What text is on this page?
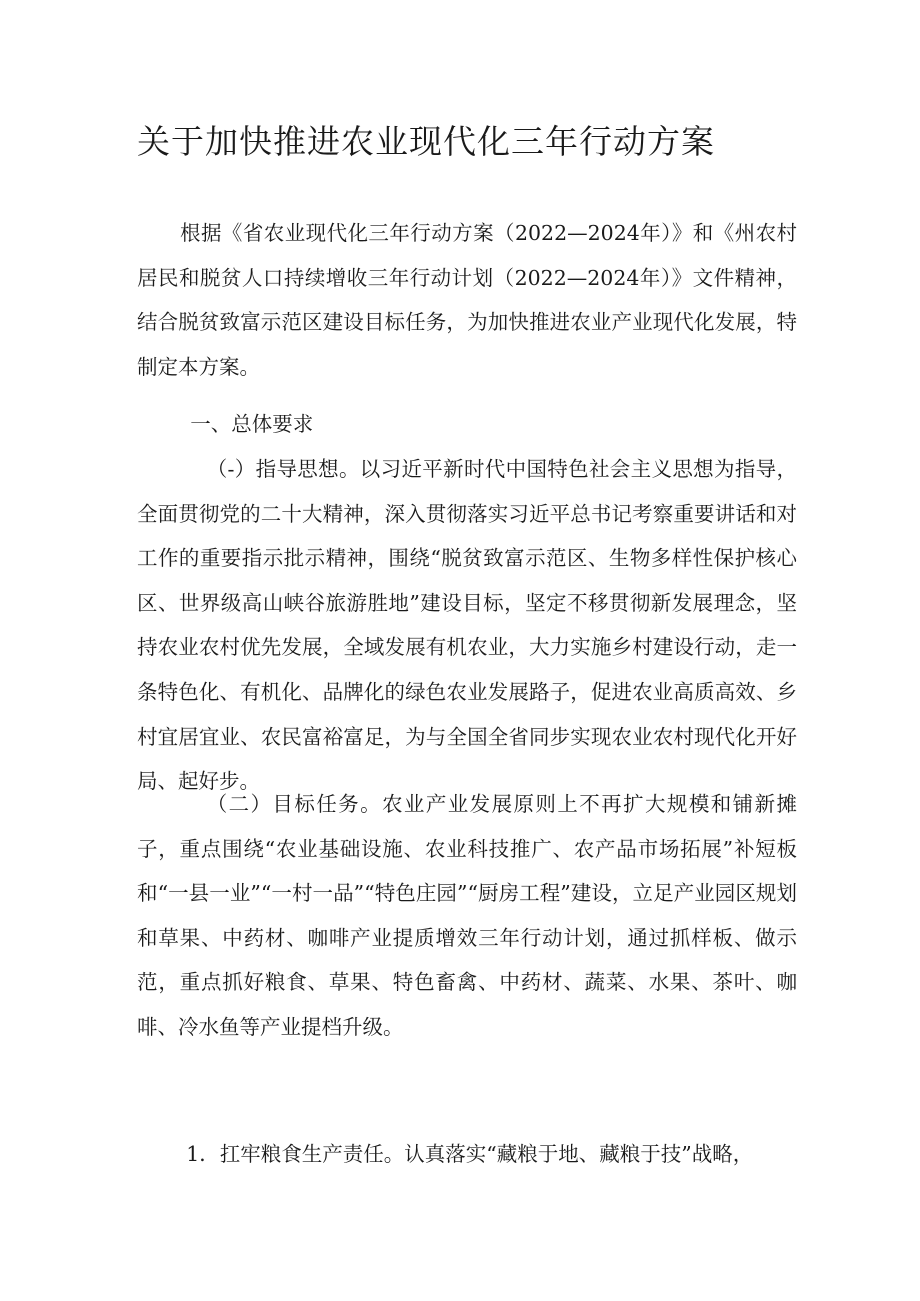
关于加快推进农业现代化三年行动方案

根据《省农业现代化三年行动方案（2022—2024年）》和《州农村居民和脱贫人口持续增收三年行动计划（2022—2024年）》文件精神，结合脱贫致富示范区建设目标任务，为加快推进农业产业现代化发展，特制定本方案。

一、总体要求

（-）指导思想。以习近平新时代中国特色社会主义思想为指导，全面贯彻党的二十大精神，深入贯彻落实习近平总书记考察重要讲话和对工作的重要指示批示精神，围绕“脱贫致富示范区、生物多样性保护核心区、世界级高山峡谷旅游胜地”建设目标，坚定不移贯彻新发展理念，坚持农业农村优先发展，全域发展有机农业，大力实施乡村建设行动，走一条特色化、有机化、品牌化的绿色农业发展路子，促进农业高质高效、乡村宜居宜业、农民富裕富足，为与全国全省同步实现农业农村现代化开好局、起好步。

（二）目标任务。农业产业发展原则上不再扩大规模和铺新摊子，重点围绕“农业基础设施、农业科技推广、农产品市场拓展”补短板和“一县一业”“一村一品”“特色庄园”“厨房工程”建设，立足产业园区规划和草果、中药材、咖啡产业提质增效三年行动计划，通过抓样板、做示范，重点抓好粮食、草果、特色畜禽、中药材、蔬菜、水果、茶叶、咖啡、冷水鱼等产业提档升级。

1．扛牢粮食生产责任。认真落实“藏粮于地、藏粮于技”战略，
